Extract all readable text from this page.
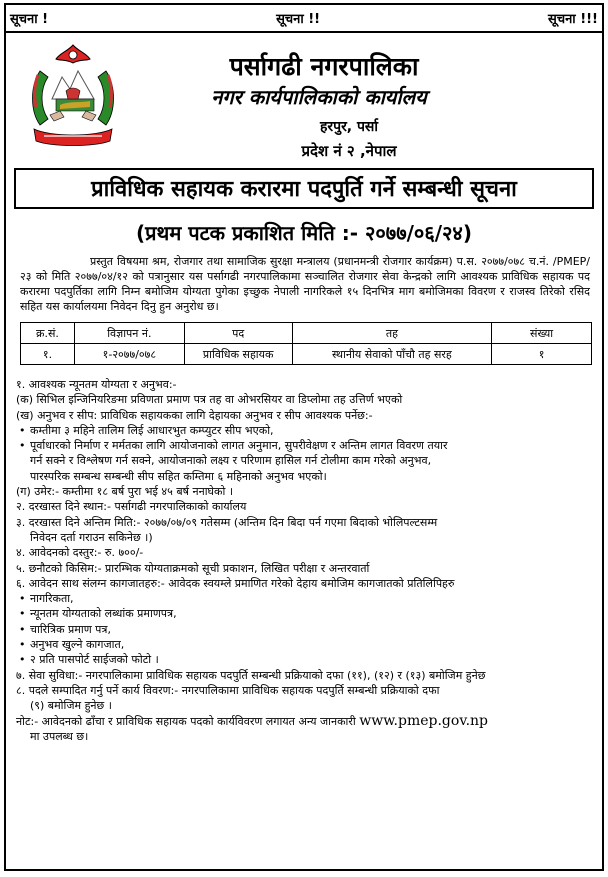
सूचना !	सूचना !!	सूचना !!!
पर्सागढी नगरपालिका
नगर कार्यपालिकाको कार्यालय
हरपुर, पर्सा
प्रदेश नं २ ,नेपाल
प्राविधिक सहायक करारमा पदपुर्ति गर्ने सम्बन्धी सूचना
(प्रथम पटक प्रकाशित मिति :- २०७७/०६/२४)

प्रस्तुत विषयमा श्रम, रोजगार तथा सामाजिक सुरक्षा मन्त्रालय (प्रधानमन्त्री रोजगार कार्यक्रम) प.स. २०७७/०७८ च.नं. /PMEP/२३ को मिति २०७७/०४/१२ को पत्रानुसार यस पर्सागढी नगरपालिकामा सञ्चालित रोजगार सेवा केन्द्रको लागि आवश्यक प्राविधिक सहायक पद करारमा पदपुर्तिका लागि निम्न बमोजिम योग्यता पुगेका इच्छुक नेपाली नागरिकले १५ दिनभित्र माग बमोजिमका विवरण र राजस्व तिरेको रसिद सहित यस कार्यालयमा निवेदन दिनु हुन अनुरोध छ।

क्र.सं.	विज्ञापन नं.	पद	तह	संख्या
१.	१-२०७७/०७८	प्राविधिक सहायक	स्थानीय सेवाको पाँचौ तह सरह	१

१. आवश्यक न्यूनतम योग्यता र अनुभव:-

(क) सिभिल इन्जिनियरिङमा प्रविणता प्रमाण पत्र तह वा ओभरसियर वा डिप्लोमा तह उत्तिर्ण भएको

(ख) अनुभव र सीप: प्राविधिक सहायकका लागि देहायका अनुभव र सीप आवश्यक पर्नेछ:-

• कम्तीमा ३ महिने तालिम लिई आधारभुत कम्प्युटर सीप भएको,

• पूर्वाधारको निर्माण र मर्मतका लागि आयोजनाको लागत अनुमान, सुपरीवेक्षण र अन्तिम लागत विवरण तयार

गर्न सक्ने र विश्लेषण गर्न सक्ने, आयोजनाको लक्ष्य र परिणाम हासिल गर्न टोलीमा काम गरेको अनुभव,

पारस्परिक सम्बन्ध सम्बन्धी सीप सहित कम्तिमा ६ महिनाको अनुभव भएको।

(ग) उमेर:- कम्तीमा १८ बर्ष पुरा भई ४५ बर्ष ननाघेको ।

२. दरखास्त दिने स्थान:- पर्सागढी नगरपालिकाको कार्यालय

३. दरखास्त दिने अन्तिम मिति:- २०७७/०७/०९ गतेसम्म (अन्तिम दिन बिदा पर्न गएमा बिदाको भोलिपल्टसम्म

निवेदन दर्ता गराउन सकिनेछ ।)

४. आवेदनको दस्तुर:- रु. ७००/-

५. छनौटको किसिम:- प्रारम्भिक योग्यताक्रमको सूची प्रकाशन, लिखित परीक्षा र अन्तरवार्ता

६. आवेदन साथ संलग्न कागजातहरु:- आवेदक स्वयम्ले प्रमाणित गरेको देहाय बमोजिम कागजातको प्रतिलिपिहरु

• नागरिकता,

• न्यूनतम योग्यताको लब्धांक प्रमाणपत्र,

• चारित्रिक प्रमाण पत्र,

• अनुभव खुल्ने कागजात,

• २ प्रति पासपोर्ट साईजको फोटो ।

७. सेवा सुविधा:- नगरपालिकामा प्राविधिक सहायक पदपुर्ति सम्बन्धी प्रक्रियाको दफा (११), (१२) र (१३) बमोजिम हुनेछ

८. पदले सम्पादित गर्नु पर्ने कार्य विवरण:- नगरपालिकामा प्राविधिक सहायक पदपुर्ति सम्बन्धी प्रक्रियाको दफा

(९) बमोजिम हुनेछ ।

नोट:- आवेदनको ढाँचा र प्राविधिक सहायक पदको कार्यविवरण लगायत अन्य जानकारी www.pmep.gov.np

मा उपलब्ध छ।
